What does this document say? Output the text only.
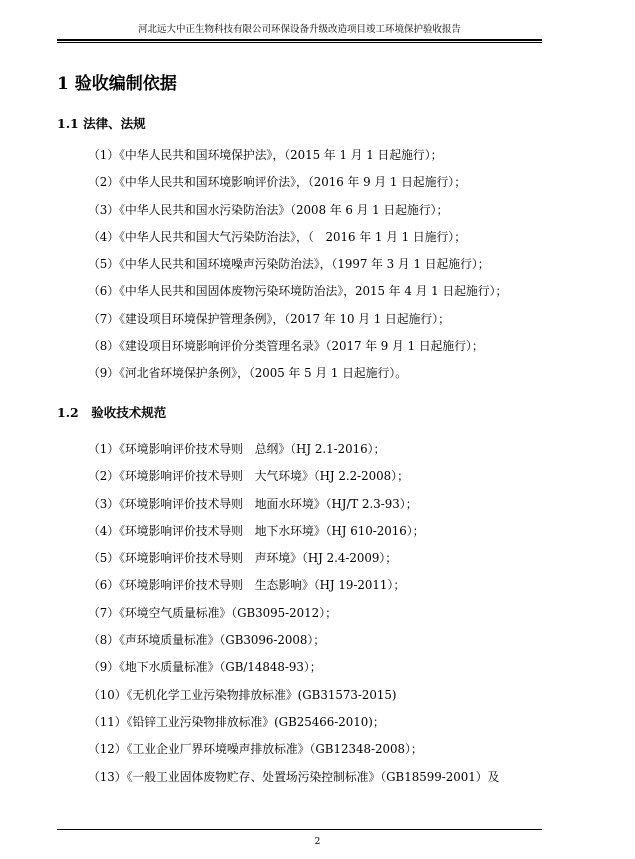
河北远大中正生物科技有限公司环保设备升级改造项目竣工环境保护验收报告
1 验收编制依据
1.1 法律、法规
（1）《中华人民共和国环境保护法》，（2015 年 1 月 1 日起施行）；
（2）《中华人民共和国环境影响评价法》，（2016 年 9 月 1 日起施行）；
（3）《中华人民共和国水污染防治法》（2008 年 6 月 1 日起施行）；
（4）《中华人民共和国大气污染防治法》，（　2016 年 1 月 1 日施行）；
（5）《中华人民共和国环境噪声污染防治法》，（1997 年 3 月 1 日起施行）；
（6）《中华人民共和国固体废物污染环境防治法》，2015 年 4 月 1 日起施行）；
（7）《建设项目环境保护管理条例》，（2017 年 10 月 1 日起施行）；
（8）《建设项目环境影响评价分类管理名录》（2017 年 9 月 1 日起施行）；
（9）《河北省环境保护条例》，（2005 年 5 月 1 日起施行）。
1.2　验收技术规范
（1）《环境影响评价技术导则　总纲》（HJ 2.1-2016）；
（2）《环境影响评价技术导则　大气环境》（HJ 2.2-2008）；
（3）《环境影响评价技术导则　地面水环境》（HJ/T 2.3-93）；
（4）《环境影响评价技术导则　地下水环境》（HJ 610-2016）；
（5）《环境影响评价技术导则　声环境》（HJ 2.4-2009）；
（6）《环境影响评价技术导则　生态影响》（HJ 19-2011）；
（7）《环境空气质量标准》（GB3095-2012）；
（8）《声环境质量标准》（GB3096-2008）；
（9）《地下水质量标准》（GB/14848-93）；
（10）《无机化学工业污染物排放标准》(GB31573-2015)
（11）《铅锌工业污染物排放标准》(GB25466-2010)；
（12）《工业企业厂界环境噪声排放标准》（GB12348-2008）；
（13）《一般工业固体废物贮存、处置场污染控制标准》（GB18599-2001）及
2
